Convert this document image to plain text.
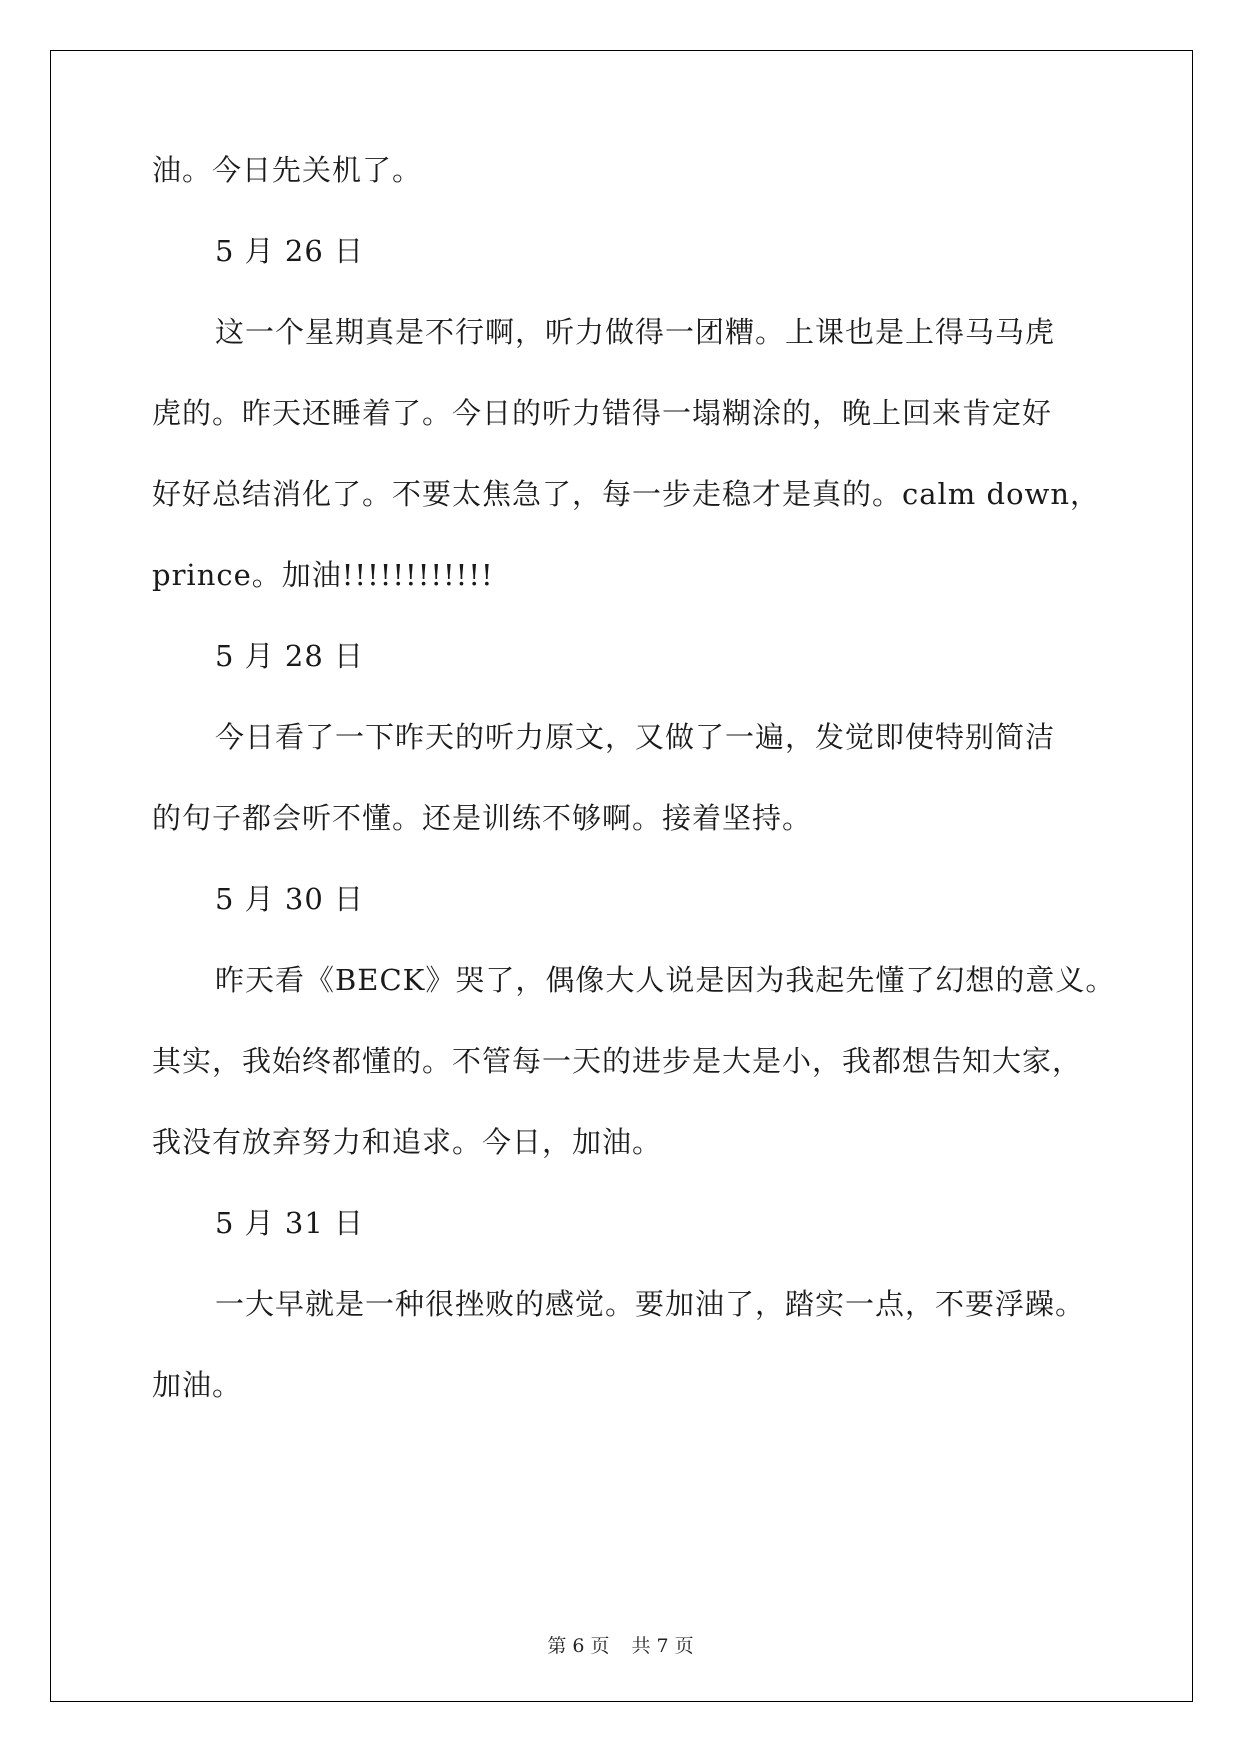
油。今日先关机了。
5 月 26 日
这一个星期真是不行啊，听力做得一团糟。上课也是上得马马虎
虎的。昨天还睡着了。今日的听力错得一塌糊涂的，晚上回来肯定好
好好总结消化了。不要太焦急了，每一步走稳才是真的。calm down，
prince。加油!!!!!!!!!!!!
5 月 28 日
今日看了一下昨天的听力原文，又做了一遍，发觉即使特别简洁
的句子都会听不懂。还是训练不够啊。接着坚持。
5 月 30 日
昨天看《BECK》哭了，偶像大人说是因为我起先懂了幻想的意义。
其实，我始终都懂的。不管每一天的进步是大是小，我都想告知大家，
我没有放弃努力和追求。今日，加油。
5 月 31 日
一大早就是一种很挫败的感觉。要加油了，踏实一点，不要浮躁。
加油。
第 6 页 共 7 页
